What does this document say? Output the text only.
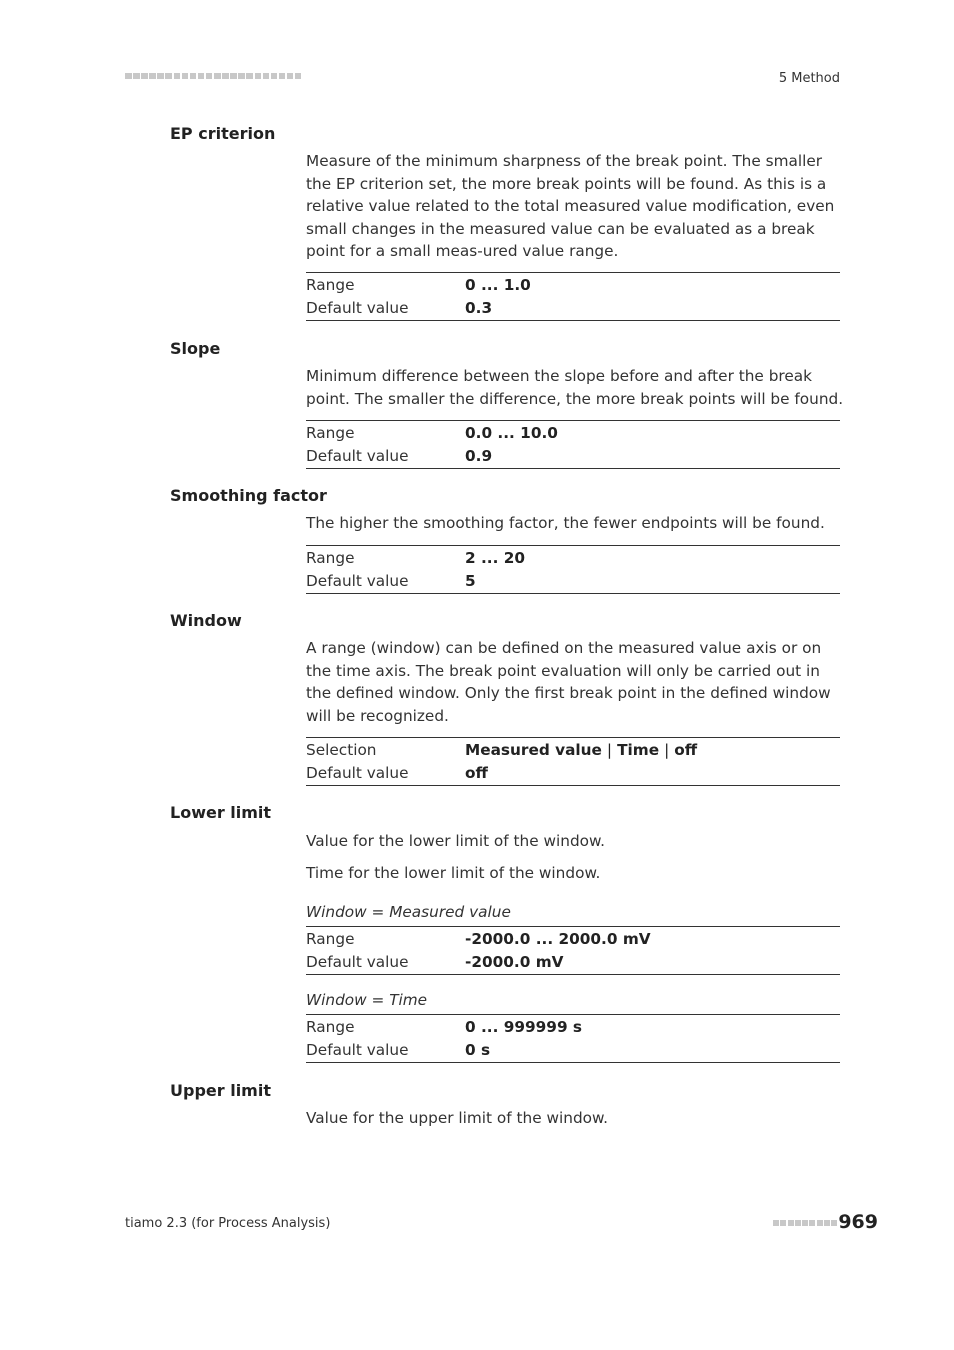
5 Method
EP criterion
Measure of the minimum sharpness of the break point. The smaller the EP criterion set, the more break points will be found. As this is a relative value related to the total measured value modification, even small changes in the measured value can be evaluated as a break point for a small meas-ured value range.
Range	0 ... 1.0
Default value	0.3
Slope
Minimum difference between the slope before and after the break point. The smaller the difference, the more break points will be found.
Range	0.0 ... 10.0
Default value	0.9
Smoothing factor
The higher the smoothing factor, the fewer endpoints will be found.
Range	2 ... 20
Default value	5
Window
A range (window) can be defined on the measured value axis or on the time axis. The break point evaluation will only be carried out in the defined window. Only the first break point in the defined window will be recognized.
Selection	Measured value | Time | off
Default value	off
Lower limit
Value for the lower limit of the window.
Time for the lower limit of the window.
Window = Measured value
Range	-2000.0 ... 2000.0 mV
Default value	-2000.0 mV
Window = Time
Range	0 ... 999999 s
Default value	0 s
Upper limit
Value for the upper limit of the window.
tiamo 2.3 (for Process Analysis)	969
